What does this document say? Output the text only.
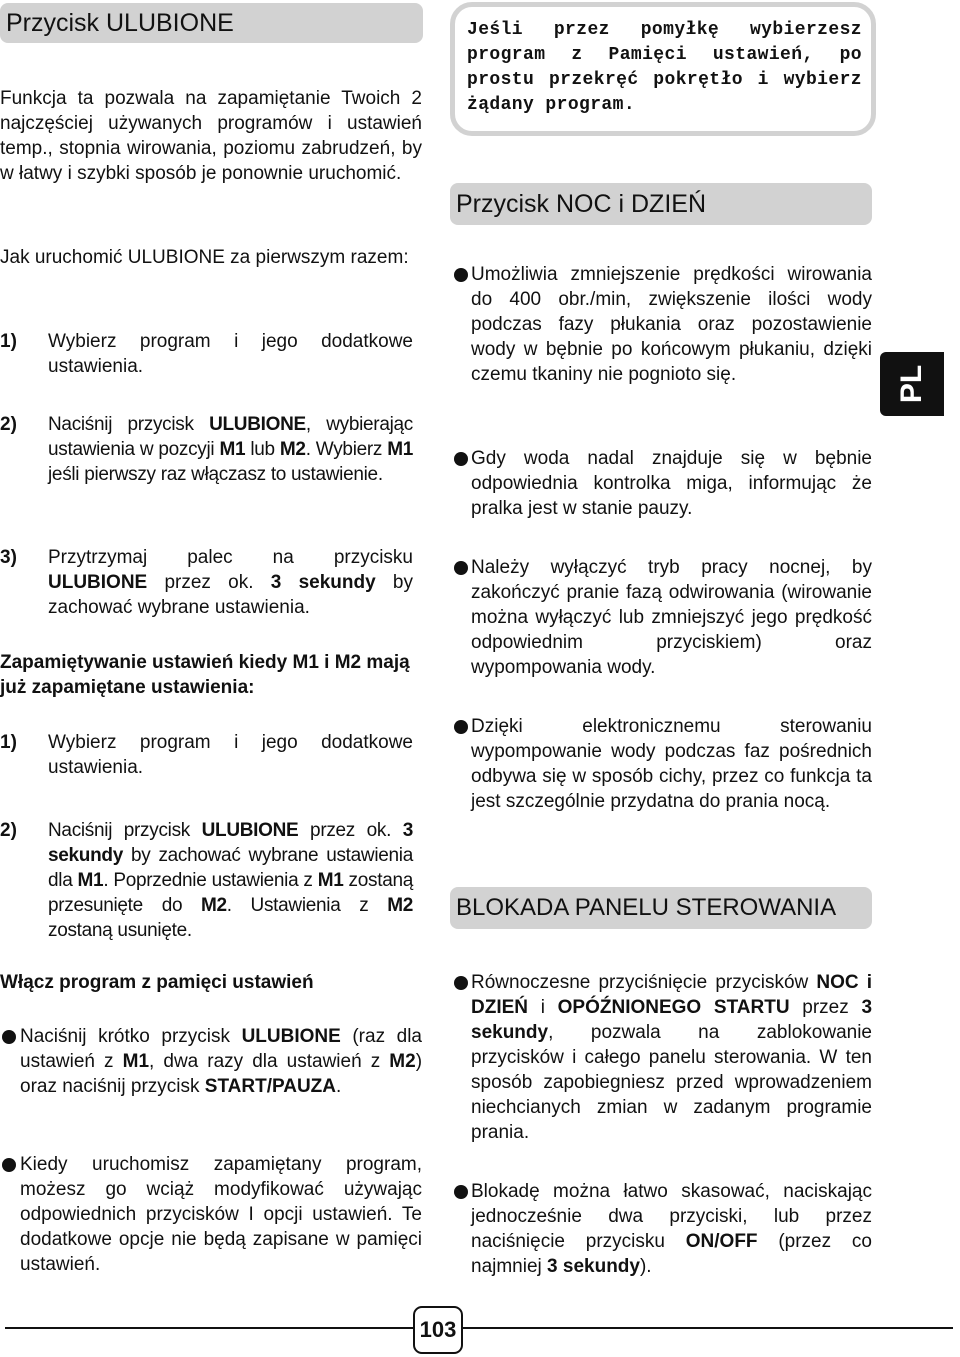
Przycisk ULUBIONE
Funkcja ta pozwala na zapamiętanie Twoich 2 najczęściej używanych programów i ustawień temp., stopnia wirowania, poziomu zabrudzeń, by w łatwy i szybki sposób je ponownie uruchomić.
Jak uruchomić ULUBIONE za pierwszym razem:
1) Wybierz program i jego dodatkowe ustawienia.
2) Naciśnij przycisk ULUBIONE, wybierając ustawienia w pozcyji M1 lub M2. Wybierz M1 jeśli pierwszy raz włączasz to ustawienie.
3) Przytrzymaj palec na przycisku ULUBIONE przez ok. 3 sekundy by zachować wybrane ustawienia.
Zapamiętywanie ustawień kiedy M1 i M2 mają już zapamiętane ustawienia:
1) Wybierz program i jego dodatkowe ustawienia.
2) Naciśnij przycisk ULUBIONE przez ok. 3 sekundy by zachować wybrane ustawienia dla M1. Poprzednie ustawienia z M1 zostaną przesunięte do M2. Ustawienia z M2 zostaną usunięte.
Włącz program z pamięci ustawień
Naciśnij krótko przycisk ULUBIONE (raz dla ustawień z M1, dwa razy dla ustawień z M2) oraz naciśnij przycisk START/PAUZA.
Kiedy uruchomisz zapamiętany program, możesz go wciąż modyfikować używając odpowiednich przycisków I opcji ustawień. Te dodatkowe opcje nie będą zapisane w pamięci ustawień.
Jeśli przez pomyłkę wybierzesz program z Pamięci ustawień, po prostu przekręć pokrętło i wybierz żądany program.
Przycisk NOC i DZIEŃ
Umożliwia zmniejszenie prędkości wirowania do 400 obr./min, zwiększenie ilości wody podczas fazy płukania oraz pozostawienie wody w bębnie po końcowym płukaniu, dzięki czemu tkaniny nie pognioto się.
Gdy woda nadal znajduje się w bębnie odpowiednia kontrolka miga, informując że pralka jest w stanie pauzy.
Należy wyłączyć tryb pracy nocnej, by zakończyć pranie fazą odwirowania (wirowanie można wyłączyć lub zmniejszyć jego prędkość odpowiednim przyciskiem) oraz wypompowania wody.
Dzięki elektronicznemu sterowaniu wypompowanie wody podczas faz pośrednich odbywa się w sposób cichy, przez co funkcja ta jest szczególnie przydatna do prania nocą.
BLOKADA PANELU STEROWANIA
Równoczesne przyciśnięcie przycisków NOC i DZIEŃ i OPÓŹNIONEGO STARTU przez 3 sekundy, pozwala na zablokowanie przycisków i całego panelu sterowania. W ten sposób zapobiegniesz przed wprowadzeniem niechcianych zmian w zadanym programie prania.
Blokadę można łatwo skasować, naciskając jednocześnie dwa przyciski, lub przez naciśnięcie przycisku ON/OFF (przez co najmniej 3 sekundy).
PL
103
